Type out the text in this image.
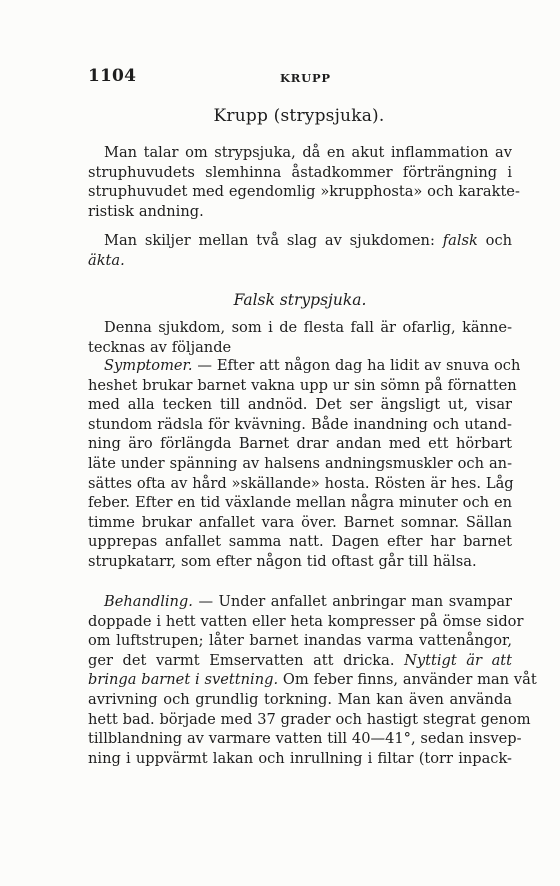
1104	KRUPP
Krupp (strypsjuka).
Man talar om strypsjuka, då en akut inflammation av
struphuvudets slemhinna åstadkommer förträngning i
struphuvudet med egendomlig »krupphosta» och karakte-
ristisk andning.
Man skiljer mellan två slag av sjukdomen: falsk och
äkta.
Falsk strypsjuka.
Denna sjukdom, som i de flesta fall är ofarlig, känne-
tecknas av följande
Symptomer. — Efter att någon dag ha lidit av snuva och
heshet brukar barnet vakna upp ur sin sömn på förnatten
med alla tecken till andnöd. Det ser ängsligt ut, visar
stundom rädsla för kvävning. Både inandning och utand-
ning äro förlängda Barnet drar andan med ett hörbart
läte under spänning av halsens andningsmuskler och an-
sättes ofta av hård »skällande» hosta. Rösten är hes. Låg
feber. Efter en tid växlande mellan några minuter och en
timme brukar anfallet vara över. Barnet somnar. Sällan
upprepas anfallet samma natt. Dagen efter har barnet
strupkatarr, som efter någon tid oftast går till hälsa.
Behandling. — Under anfallet anbringar man svampar
doppade i hett vatten eller heta kompresser på ömse sidor
om luftstrupen; låter barnet inandas varma vattenångor,
ger det varmt Emservatten att dricka. Nyttigt är att
bringa barnet i svettning. Om feber finns, använder man våt
avrivning och grundlig torkning. Man kan även använda
hett bad. började med 37 grader och hastigt stegrat genom
tillblandning av varmare vatten till 40—41°, sedan insvep-
ning i uppvärmt lakan och inrullning i filtar (torr inpack-
